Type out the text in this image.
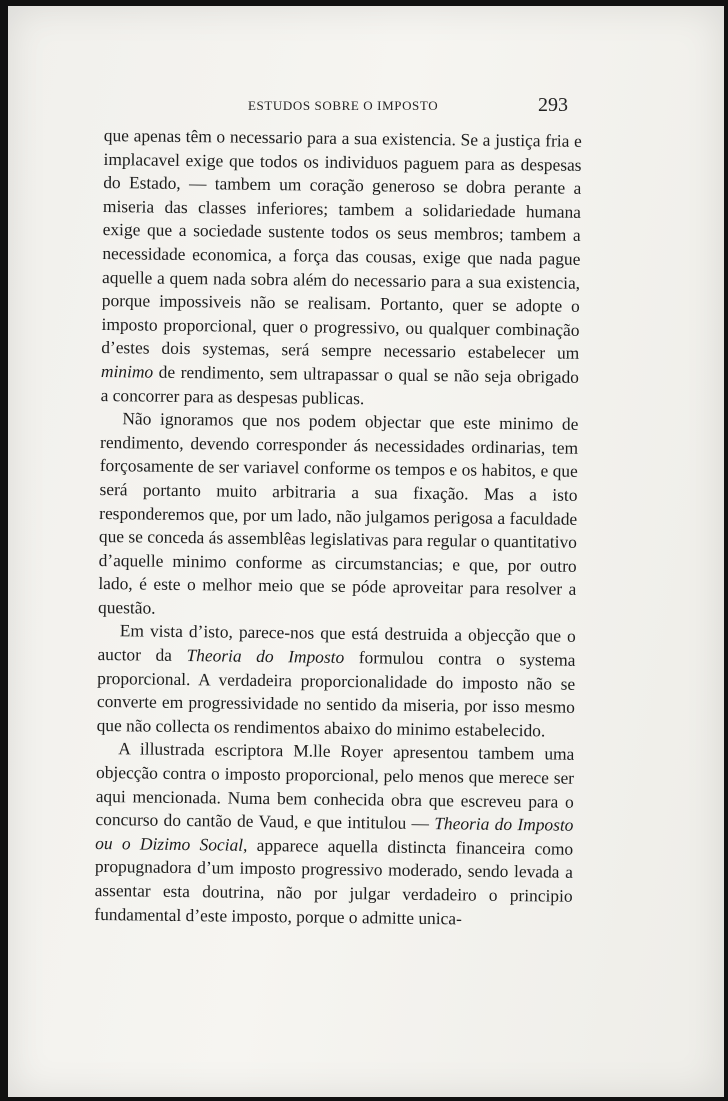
ESTUDOS SOBRE O IMPOSTO	293

que apenas têm o necessario para a sua existencia. Se a justiça fria e implacavel exige que todos os individuos paguem para as despesas do Estado, — tambem um coração generoso se dobra perante a miseria das classes inferiores; tambem a solidariedade humana exige que a sociedade sustente todos os seus membros; tambem a necessidade economica, a força das cousas, exige que nada pague aquelle a quem nada sobra além do necessario para a sua existencia, porque impossiveis não se realisam. Portanto, quer se adopte o imposto proporcional, quer o progressivo, ou qualquer combinação d’estes dois systemas, será sempre necessario estabelecer um minimo de rendimento, sem ultrapassar o qual se não seja obrigado a concorrer para as despesas publicas.

Não ignoramos que nos podem objectar que este minimo de rendimento, devendo corresponder ás necessidades ordinarias, tem forçosamente de ser variavel conforme os tempos e os habitos, e que será portanto muito arbitraria a sua fixação. Mas a isto responderemos que, por um lado, não julgamos perigosa a faculdade que se conceda ás assemblêas legislativas para regular o quantitativo d’aquelle minimo conforme as circumstancias; e que, por outro lado, é este o melhor meio que se póde aproveitar para resolver a questão.

Em vista d’isto, parece-nos que está destruida a objecção que o auctor da Theoria do Imposto formulou contra o systema proporcional. A verdadeira proporcionalidade do imposto não se converte em progressividade no sentido da miseria, por isso mesmo que não collecta os rendimentos abaixo do minimo estabelecido.

A illustrada escriptora M.lle Royer apresentou tambem uma objecção contra o imposto proporcional, pelo menos que merece ser aqui mencionada. Numa bem conhecida obra que escreveu para o concurso do cantão de Vaud, e que intitulou — Theoria do Imposto ou o Dizimo Social, apparece aquella distincta financeira como propugnadora d’um imposto progressivo moderado, sendo levada a assentar esta doutrina, não por julgar verdadeiro o principio fundamental d’este imposto, porque o admitte unica-
